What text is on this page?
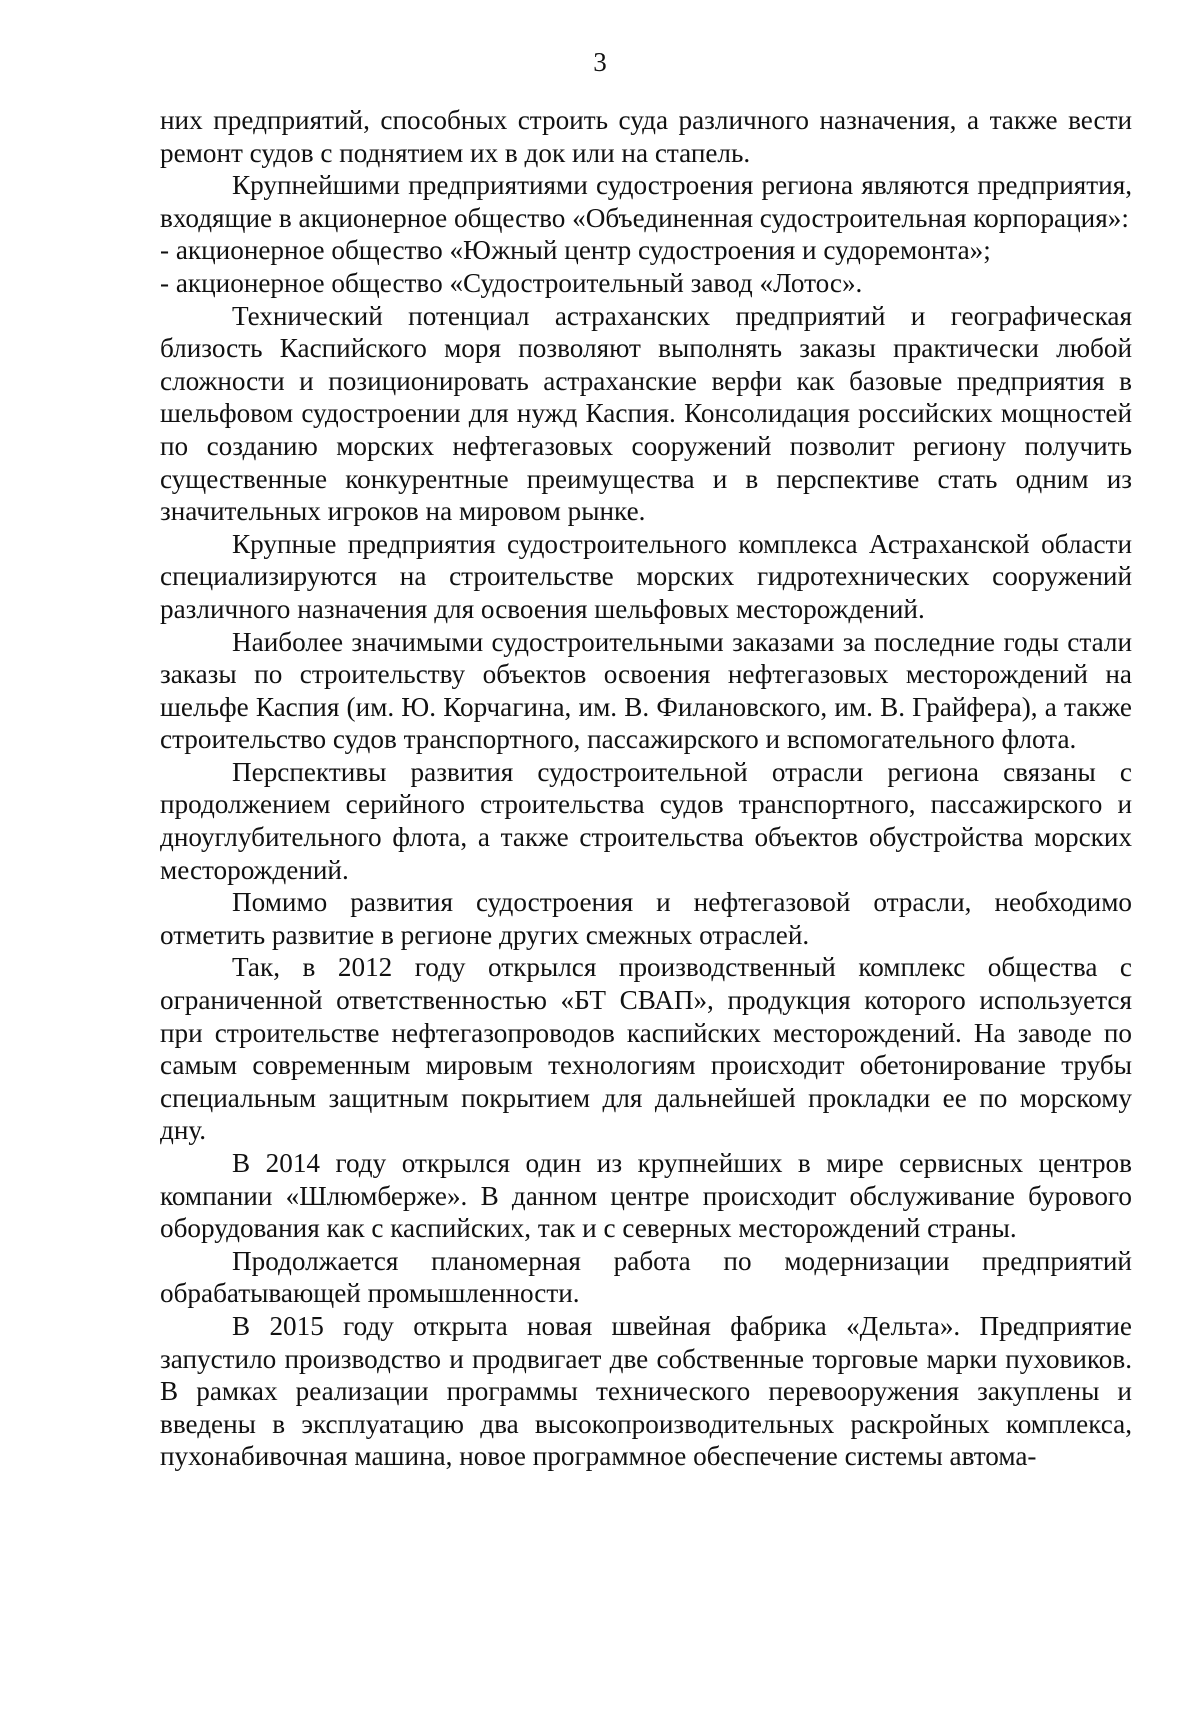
3

них предприятий, способных строить суда различного назначения, а также вести ремонт судов с поднятием их в док или на стапель.

Крупнейшими предприятиями судостроения региона являются предприятия, входящие в акционерное общество «Объединенная судостроительная корпорация»:

- акционерное общество «Южный центр судостроения и судоремонта»;

- акционерное общество «Судостроительный завод «Лотос».

Технический потенциал астраханских предприятий и географическая близость Каспийского моря позволяют выполнять заказы практически любой сложности и позиционировать астраханские верфи как базовые предприятия в шельфовом судостроении для нужд Каспия. Консолидация российских мощностей по созданию морских нефтегазовых сооружений позволит региону получить существенные конкурентные преимущества и в перспективе стать одним из значительных игроков на мировом рынке.

Крупные предприятия судостроительного комплекса Астраханской области специализируются на строительстве морских гидротехнических сооружений различного назначения для освоения шельфовых месторождений.

Наиболее значимыми судостроительными заказами за последние годы стали заказы по строительству объектов освоения нефтегазовых месторождений на шельфе Каспия (им. Ю. Корчагина, им. В. Филановского, им. В. Грайфера), а также строительство судов транспортного, пассажирского и вспомогательного флота.

Перспективы развития судостроительной отрасли региона связаны с продолжением серийного строительства судов транспортного, пассажирского и дноуглубительного флота, а также строительства объектов обустройства морских месторождений.

Помимо развития судостроения и нефтегазовой отрасли, необходимо отметить развитие в регионе других смежных отраслей.

Так, в 2012 году открылся производственный комплекс общества с ограниченной ответственностью «БТ СВАП», продукция которого используется при строительстве нефтегазопроводов каспийских месторождений. На заводе по самым современным мировым технологиям происходит обетонирование трубы специальным защитным покрытием для дальнейшей прокладки ее по морскому дну.

В 2014 году открылся один из крупнейших в мире сервисных центров компании «Шлюмберже». В данном центре происходит обслуживание бурового оборудования как с каспийских, так и с северных месторождений страны.

Продолжается планомерная работа по модернизации предприятий обрабатывающей промышленности.

В 2015 году открыта новая швейная фабрика «Дельта». Предприятие запустило производство и продвигает две собственные торговые марки пуховиков. В рамках реализации программы технического перевооружения закуплены и введены в эксплуатацию два высокопроизводительных раскройных комплекса, пухонабивочная машина, новое программное обеспечение системы автома-
